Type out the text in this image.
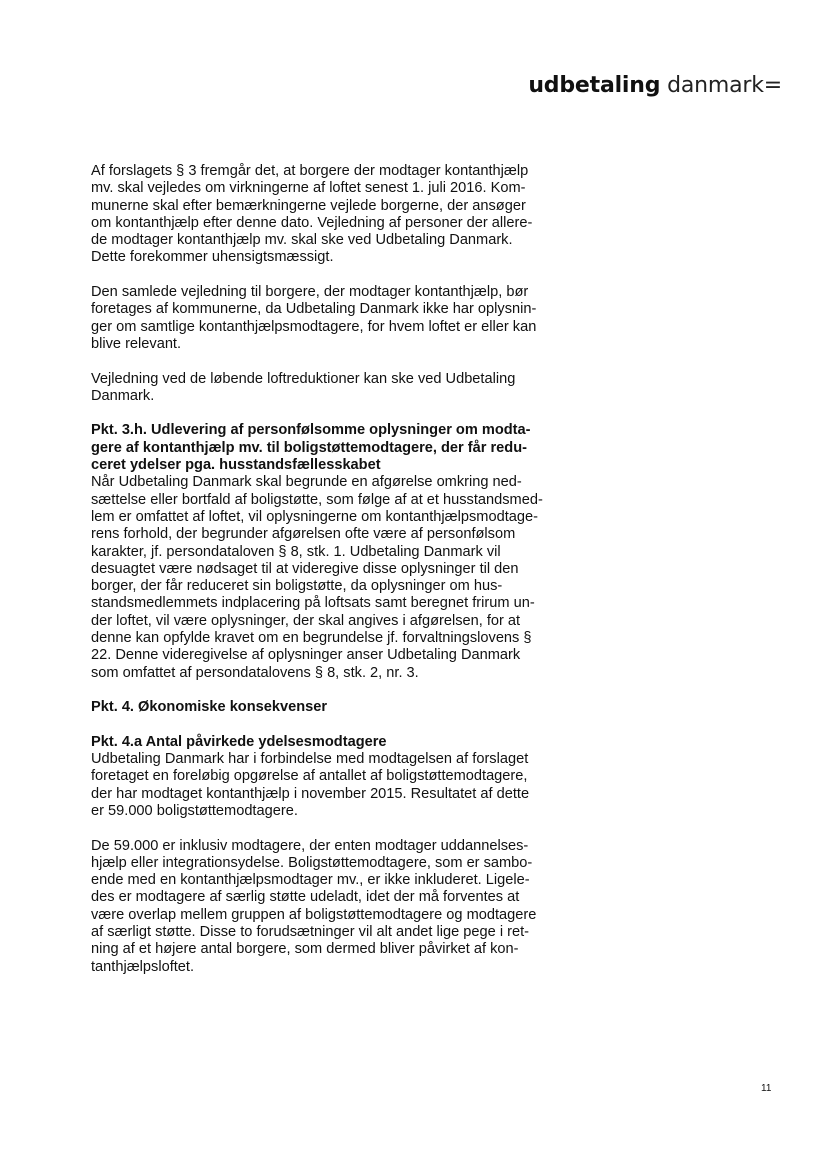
udbetaling danmark=

Af forslagets § 3 fremgår det, at borgere der modtager kontanthjælp
mv. skal vejledes om virkningerne af loftet senest 1. juli 2016. Kom-
munerne skal efter bemærkningerne vejlede borgerne, der ansøger
om kontanthjælp efter denne dato. Vejledning af personer der allere-
de modtager kontanthjælp mv. skal ske ved Udbetaling Danmark.
Dette forekommer uhensigtsmæssigt.

Den samlede vejledning til borgere, der modtager kontanthjælp, bør
foretages af kommunerne, da Udbetaling Danmark ikke har oplysnin-
ger om samtlige kontanthjælpsmodtagere, for hvem loftet er eller kan
blive relevant.

Vejledning ved de løbende loftreduktioner kan ske ved Udbetaling
Danmark.

Pkt. 3.h. Udlevering af personfølsomme oplysninger om modta-
gere af kontanthjælp mv. til boligstøttemodtagere, der får redu-
ceret ydelser pga. husstandsfællesskabet

Når Udbetaling Danmark skal begrunde en afgørelse omkring ned-
sættelse eller bortfald af boligstøtte, som følge af at et husstandsmed-
lem er omfattet af loftet, vil oplysningerne om kontanthjælpsmodtage-
rens forhold, der begrunder afgørelsen ofte være af personfølsom
karakter, jf. persondataloven § 8, stk. 1. Udbetaling Danmark vil
desuagtet være nødsaget til at videregive disse oplysninger til den
borger, der får reduceret sin boligstøtte, da oplysninger om hus-
standsmedlemmets indplacering på loftsats samt beregnet frirum un-
der loftet, vil være oplysninger, der skal angives i afgørelsen, for at
denne kan opfylde kravet om en begrundelse jf. forvaltningslovens §
22. Denne videregivelse af oplysninger anser Udbetaling Danmark
som omfattet af persondatalovens § 8, stk. 2, nr. 3.

Pkt. 4. Økonomiske konsekvenser

Pkt. 4.a Antal påvirkede ydelsesmodtagere

Udbetaling Danmark har i forbindelse med modtagelsen af forslaget
foretaget en foreløbig opgørelse af antallet af boligstøttemodtagere,
der har modtaget kontanthjælp i november 2015. Resultatet af dette
er 59.000 boligstøttemodtagere.

De 59.000 er inklusiv modtagere, der enten modtager uddannelses-
hjælp eller integrationsydelse. Boligstøttemodtagere, som er sambo-
ende med en kontanthjælpsmodtager mv., er ikke inkluderet. Ligele-
des er modtagere af særlig støtte udeladt, idet der må forventes at
være overlap mellem gruppen af boligstøttemodtagere og modtagere
af særligt støtte. Disse to forudsætninger vil alt andet lige pege i ret-
ning af et højere antal borgere, som dermed bliver påvirket af kon-
tanthjælpsloftet.

11
